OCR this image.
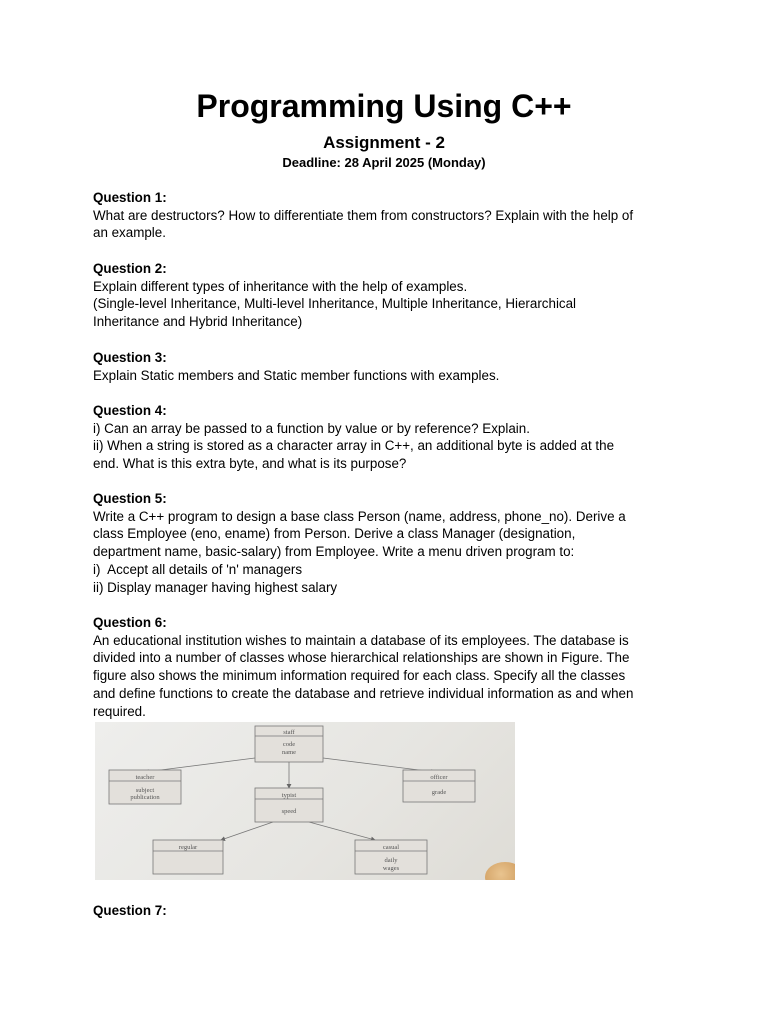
Programming Using C++
Assignment - 2
Deadline: 28 April 2025 (Monday)
Question 1:
What are destructors? How to differentiate them from constructors? Explain with the help of
an example.
Question 2:
Explain different types of inheritance with the help of examples.
(Single-level Inheritance, Multi-level Inheritance, Multiple Inheritance, Hierarchical
Inheritance and Hybrid Inheritance)
Question 3:
Explain Static members and Static member functions with examples.
Question 4:
i) Can an array be passed to a function by value or by reference? Explain.
ii) When a string is stored as a character array in C++, an additional byte is added at the
end. What is this extra byte, and what is its purpose?
Question 5:
Write a C++ program to design a base class Person (name, address, phone_no). Derive a
class Employee (eno, ename) from Person. Derive a class Manager (designation,
department name, basic-salary) from Employee. Write a menu driven program to:
i)  Accept all details of 'n' managers
ii) Display manager having highest salary
Question 6:
An educational institution wishes to maintain a database of its employees. The database is
divided into a number of classes whose hierarchical relationships are shown in Figure. The
figure also shows the minimum information required for each class. Specify all the classes
and define functions to create the database and retrieve individual information as and when
required.
staff
code
name
teacher
subject
publication
officer
grade
typist
speed
regular	casual
daily
wages
Question 7:
